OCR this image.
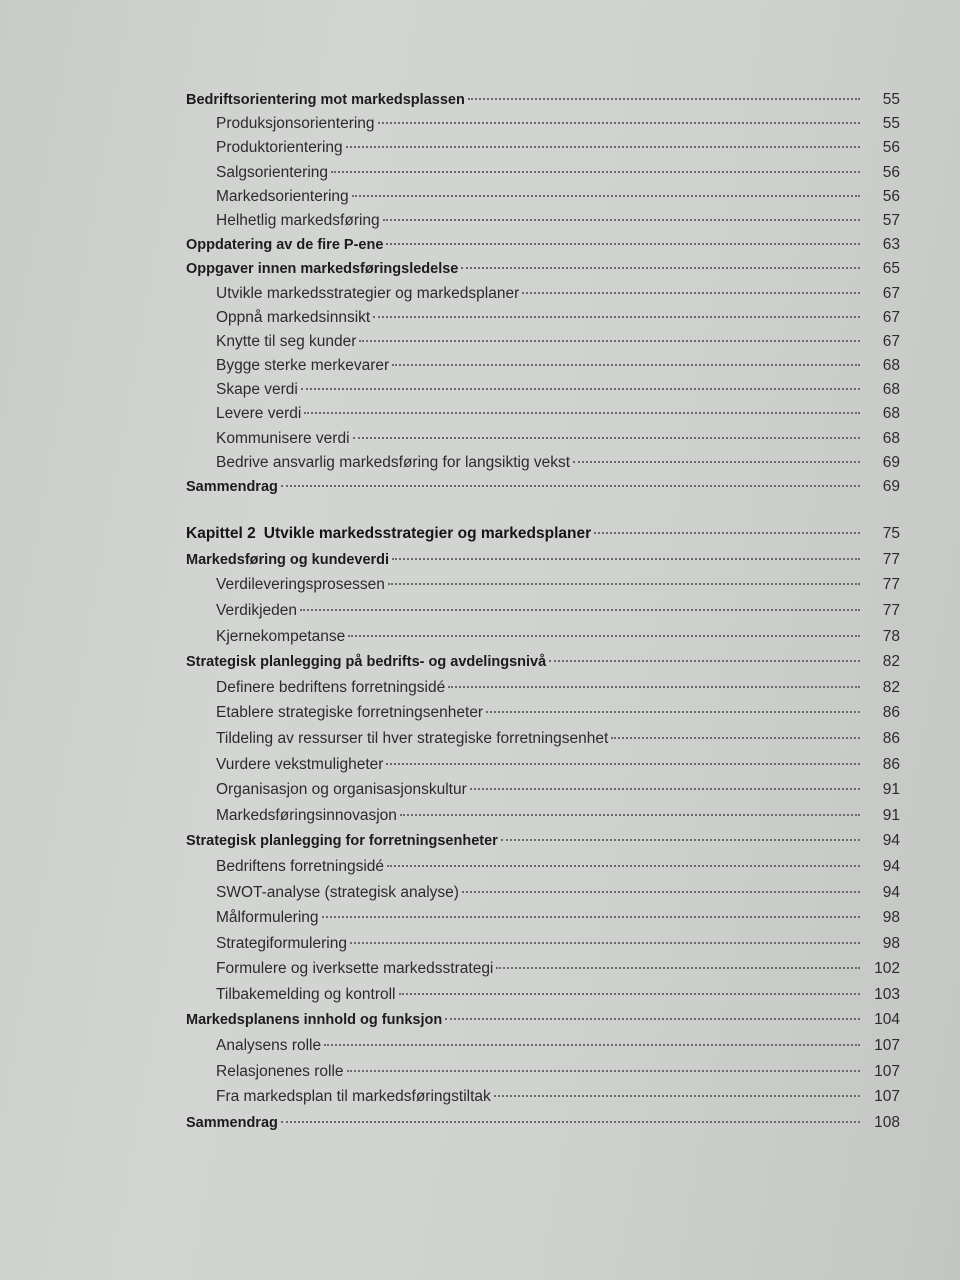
Bedriftsorientering mot markedsplassen	55
Produksjonsorientering	55
Produktorientering	56
Salgsorientering	56
Markedsorientering	56
Helhetlig markedsføring	57
Oppdatering av de fire P-ene	63
Oppgaver innen markedsføringsledelse	65
Utvikle markedsstrategier og markedsplaner	67
Oppnå markedsinnsikt	67
Knytte til seg kunder	67
Bygge sterke merkevarer	68
Skape verdi	68
Levere verdi	68
Kommunisere verdi	68
Bedrive ansvarlig markedsføring for langsiktig vekst	69
Sammendrag	69
Kapittel 2 Utvikle markedsstrategier og markedsplaner	75
Markedsføring og kundeverdi	77
Verdileveringsprosessen	77
Verdikjeden	77
Kjernekompetanse	78
Strategisk planlegging på bedrifts- og avdelingsnivå	82
Definere bedriftens forretningsidé	82
Etablere strategiske forretningsenheter	86
Tildeling av ressurser til hver strategiske forretningsenhet	86
Vurdere vekstmuligheter	86
Organisasjon og organisasjonskultur	91
Markedsføringsinnovasjon	91
Strategisk planlegging for forretningsenheter	94
Bedriftens forretningsidé	94
SWOT-analyse (strategisk analyse)	94
Målformulering	98
Strategiformulering	98
Formulere og iverksette markedsstrategi	102
Tilbakemelding og kontroll	103
Markedsplanens innhold og funksjon	104
Analysens rolle	107
Relasjonenes rolle	107
Fra markedsplan til markedsføringstiltak	107
Sammendrag	108
